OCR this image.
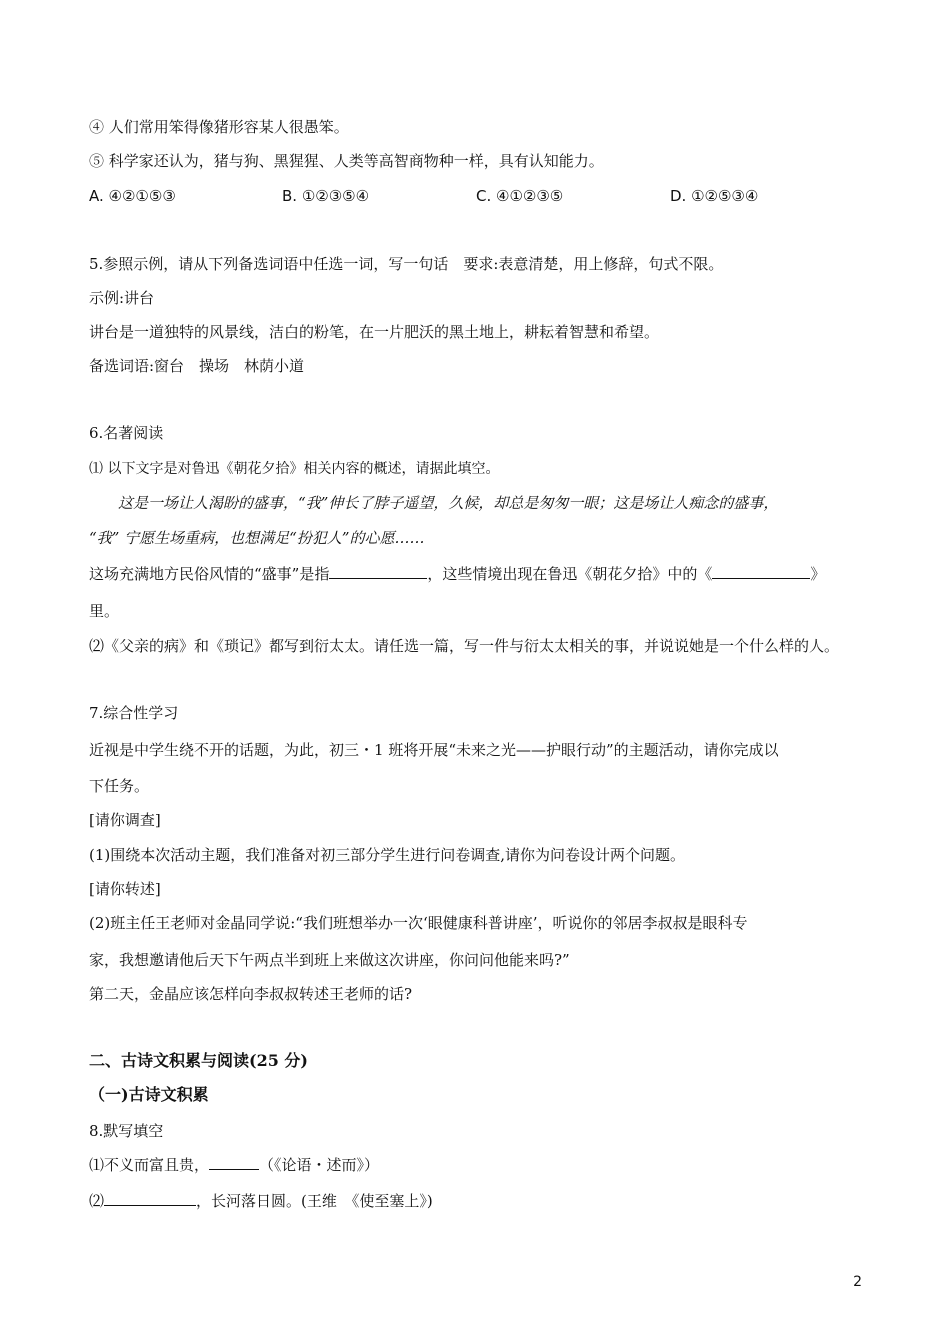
④ 人们常用笨得像猪形容某人很愚笨。
⑤ 科学家还认为，猪与狗、黑猩猩、人类等高智商物种一样，具有认知能力。
A. ④②①⑤③	B. ①②③⑤④	C. ④①②③⑤	D. ①②⑤③④
5.参照示例，请从下列备选词语中任选一词，写一句话　要求:表意清楚，用上修辞，句式不限。
示例:讲台
讲台是一道独特的风景线，洁白的粉笔，在一片肥沃的黑土地上，耕耘着智慧和希望。
备选词语:窗台　操场　林荫小道
6.名著阅读
⑴ 以下文字是对鲁迅《朝花夕拾》相关内容的概述，请据此填空。
这是一场让人渴盼的盛事，“我”伸长了脖子遥望，久候，却总是匆匆一眼；这是场让人痴念的盛事，
“我” 宁愿生场重病，也想满足“扮犯人”的心愿……
这场充满地方民俗风情的“盛事”是指	，这些情境出现在鲁迅《朝花夕拾》中的《	》
里。
⑵《父亲的病》和《琐记》都写到衍太太。请任选一篇，写一件与衍太太相关的事，并说说她是一个什么样的人。
7.综合性学习
近视是中学生绕不开的话题，为此，初三・1 班将开展“未来之光——护眼行动”的主题活动，请你完成以
下任务。
[请你调查]
(1)围绕本次活动主题，我们准备对初三部分学生进行问卷调查,请你为问卷设计两个问题。
[请你转述]
(2)班主任王老师对金晶同学说:“我们班想举办一次‘眼健康科普讲座’，听说你的邻居李叔叔是眼科专
家，我想邀请他后天下午两点半到班上来做这次讲座，你问问他能来吗?”
第二天，金晶应该怎样向李叔叔转述王老师的话?
二、古诗文积累与阅读(25 分)
（一)古诗文积累
8.默写填空
⑴不义而富且贵，	（《论语・述而》）
⑵	，长河落日圆。(王维　《使至塞上》)
2
